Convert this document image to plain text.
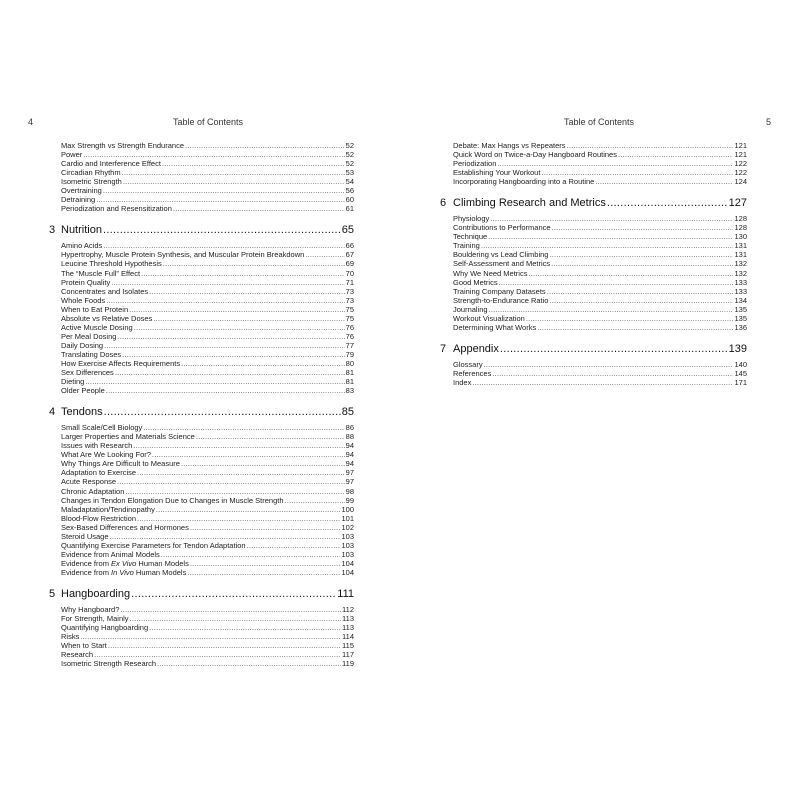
4	Table of Contents
Max Strength vs Strength Endurance .....	52
Power .....	52
Cardio and Interference Effect .....	52
Circadian Rhythm .....	53
Isometric Strength .....	54
Overtraining .....	56
Detraining .....	60
Periodization and Resensitization .....	61
3 Nutrition .....	65
Amino Acids .....	66
Hypertrophy, Muscle Protein Synthesis, and Muscular Protein Breakdown .....	67
Leucine Threshold Hypothesis .....	69
The “Muscle Full” Effect .....	70
Protein Quality .....	71
Concentrates and Isolates .....	73
Whole Foods .....	73
When to Eat Protein .....	75
Absolute vs Relative Doses .....	75
Active Muscle Dosing .....	76
Per Meal Dosing .....	76
Daily Dosing .....	77
Translating Doses .....	79
How Exercise Affects Requirements .....	80
Sex Differences .....	81
Dieting .....	81
Older People .....	83
4 Tendons .....	85
Small Scale/Cell Biology .....	86
Larger Properties and Materials Science .....	88
Issues with Research .....	94
What Are We Looking For? .....	94
Why Things Are Difficult to Measure .....	94
Adaptation to Exercise .....	97
Acute Response .....	97
Chronic Adaptation .....	98
Changes in Tendon Elongation Due to Changes in Muscle Strength .....	99
Maladaptation/Tendinopathy .....	100
Blood-Flow Restriction .....	101
Sex-Based Differences and Hormones .....	102
Steroid Usage .....	103
Quantifying Exercise Parameters for Tendon Adaptation .....	103
Evidence from Animal Models .....	103
Evidence from Ex Vivo Human Models .....	104
Evidence from In Vivo Human Models .....	104
5 Hangboarding .....	111
Why Hangboard? .....	112
For Strength, Mainly .....	113
Quantifying Hangboarding .....	113
Risks .....	114
When to Start .....	115
Research .....	117
Isometric Strength Research .....	119
Table of Contents	5
Debate: Max Hangs vs Repeaters .....	121
Quick Word on Twice-a-Day Hangboard Routines .....	121
Periodization .....	122
Establishing Your Workout .....	122
Incorporating Hangboarding into a Routine .....	124
6 Climbing Research and Metrics .....	127
Physiology .....	128
Contributions to Performance .....	128
Technique .....	130
Training .....	131
Bouldering vs Lead Climbing .....	131
Self-Assessment and Metrics .....	132
Why We Need Metrics .....	132
Good Metrics .....	133
Training Company Datasets .....	133
Strength-to-Endurance Ratio .....	134
Journaling .....	135
Workout Visualization .....	135
Determining What Works .....	136
7 Appendix .....	139
Glossary .....	140
References .....	145
Index .....	171
